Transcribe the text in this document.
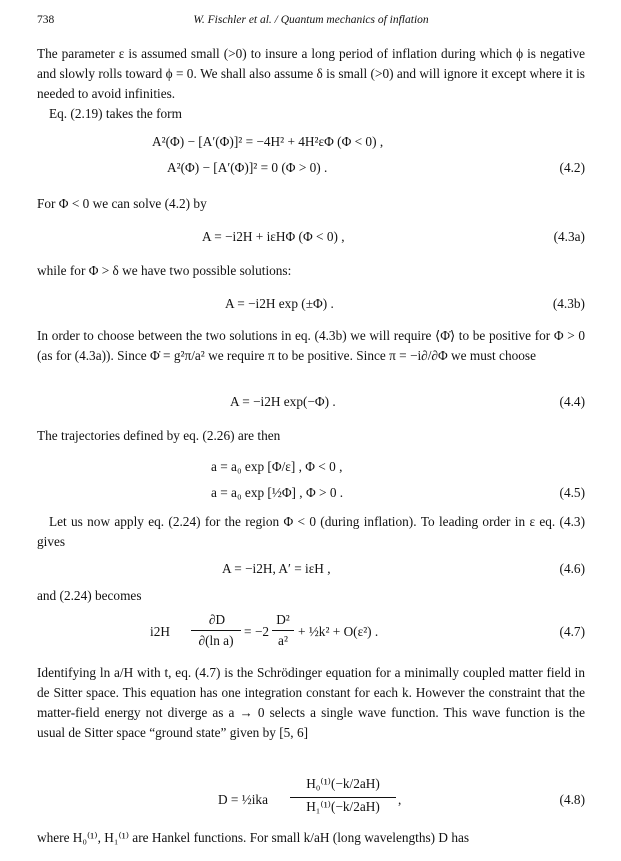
738	W. Fischler et al. / Quantum mechanics of inflation

The parameter ε is assumed small (>0) to insure a long period of inflation during which ϕ is negative and slowly rolls toward ϕ = 0. We shall also assume δ is small (>0) and will ignore it except where it is needed to avoid infinities.

Eq. (2.19) takes the form

A²(Φ) − [A′(Φ)]² = −4H² + 4H²εΦ (Φ < 0) ,
A²(Φ) − [A′(Φ)]² = 0 (Φ > 0) .	(4.2)

For Φ < 0 we can solve (4.2) by

A = −i2H + iεHΦ (Φ < 0) ,	(4.3a)

while for Φ > δ we have two possible solutions:

A = −i2H exp (±Φ) .	(4.3b)

In order to choose between the two solutions in eq. (4.3b) we will require ⟨Φ̇⟩ to be positive for Φ > 0 (as for (4.3a)). Since Φ̇ = g²π/a² we require π to be positive. Since π = −i∂/∂Φ we must choose

A = −i2H exp(−Φ) .	(4.4)

The trajectories defined by eq. (2.26) are then

a = a₀ exp [Φ/ε] , Φ < 0 ,
a = a₀ exp [½Φ] , Φ > 0 .	(4.5)

Let us now apply eq. (2.24) for the region Φ < 0 (during inflation). To leading order in ε eq. (4.3) gives

A = −i2H, A′ = iεH ,	(4.6)

and (2.24) becomes

i2H
∂D
∂(ln a)
= −2
D²
a²
+ ½k² + O(ε²) .	(4.7)

Identifying ln a/H with t, eq. (4.7) is the Schrödinger equation for a minimally coupled matter field in de Sitter space. This equation has one integration constant for each k. However the constraint that the matter-field energy not diverge as a → 0 selects a single wave function. This wave function is the usual de Sitter space “ground state” given by [5, 6]

D = ½ika
H₀⁽¹⁾(−k/2aH)
H₁⁽¹⁾(−k/2aH)	,	(4.8)

where H₀⁽¹⁾, H₁⁽¹⁾ are Hankel functions. For small k/aH (long wavelengths) D has
